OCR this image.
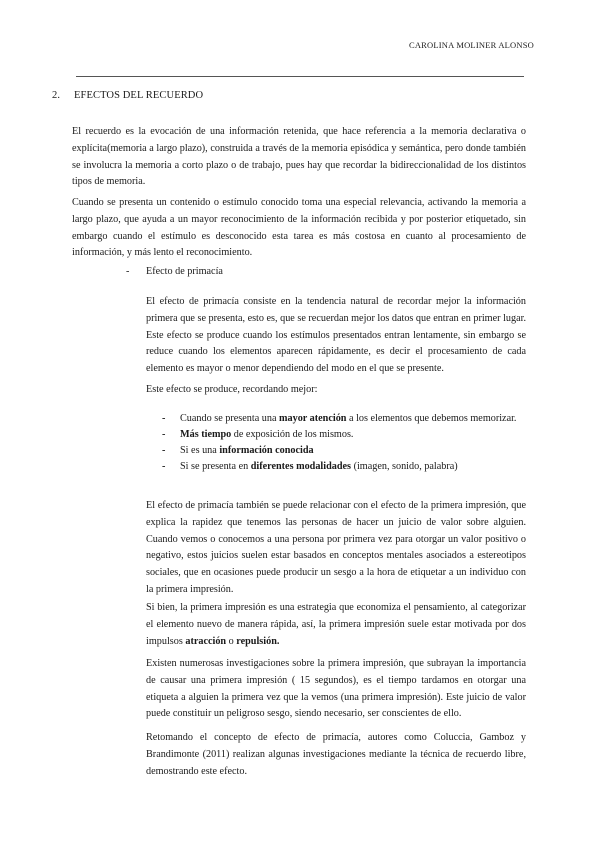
CAROLINA MOLINER ALONSO
2. EFECTOS DEL RECUERDO

El recuerdo es la evocación de una información retenida, que hace referencia a la memoria declarativa o explícita(memoria a largo plazo), construida a través de la memoria episódica y semántica, pero donde también se involucra la memoria a corto plazo o de trabajo, pues hay que recordar la bidireccionalidad de los distintos tipos de memoria.

Cuando se presenta un contenido o estímulo conocido toma una especial relevancia, activando la memoria a largo plazo, que ayuda a un mayor reconocimiento de la información recibida y por posterior etiquetado, sin embargo cuando el estímulo es desconocido esta tarea es más costosa en cuanto al procesamiento de información, y más lento el reconocimiento.

- Efecto de primacía

El efecto de primacía consiste en la tendencia natural de recordar mejor la información primera que se presenta, esto es, que se recuerdan mejor los datos que entran en primer lugar. Este efecto se produce cuando los estímulos presentados entran lentamente, sin embargo se reduce cuando los elementos aparecen rápidamente, es decir el procesamiento de cada elemento es mayor o menor dependiendo del modo en el que se presente.

Este efecto se produce, recordando mejor:

- Cuando se presenta una mayor atención a los elementos que debemos memorizar.
- Más tiempo de exposición de los mismos.
- Si es una información conocida
- Si se presenta en diferentes modalidades (imagen, sonido, palabra)

El efecto de primacía también se puede relacionar con el efecto de la primera impresión, que explica la rapidez que tenemos las personas de hacer un juicio de valor sobre alguien. Cuando vemos o conocemos a una persona por primera vez para otorgar un valor positivo o negativo, estos juicios suelen estar basados en conceptos mentales asociados a estereotipos sociales, que en ocasiones puede producir un sesgo a la hora de etiquetar a un individuo con la primera impresión.

Si bien, la primera impresión es una estrategia que economiza el pensamiento, al categorizar el elemento nuevo de manera rápida, así, la primera impresión suele estar motivada por dos impulsos atracción o repulsión.

Existen numerosas investigaciones sobre la primera impresión, que subrayan la importancia de causar una primera impresión ( 15 segundos), es el tiempo tardamos en otorgar una etiqueta a alguien la primera vez que la vemos (una primera impresión). Este juicio de valor puede constituir un peligroso sesgo, siendo necesario, ser conscientes de ello.

Retomando el concepto de efecto de primacía, autores como Coluccia, Gamboz y Brandimonte (2011) realizan algunas investigaciones mediante la técnica de recuerdo libre, demostrando este efecto.
